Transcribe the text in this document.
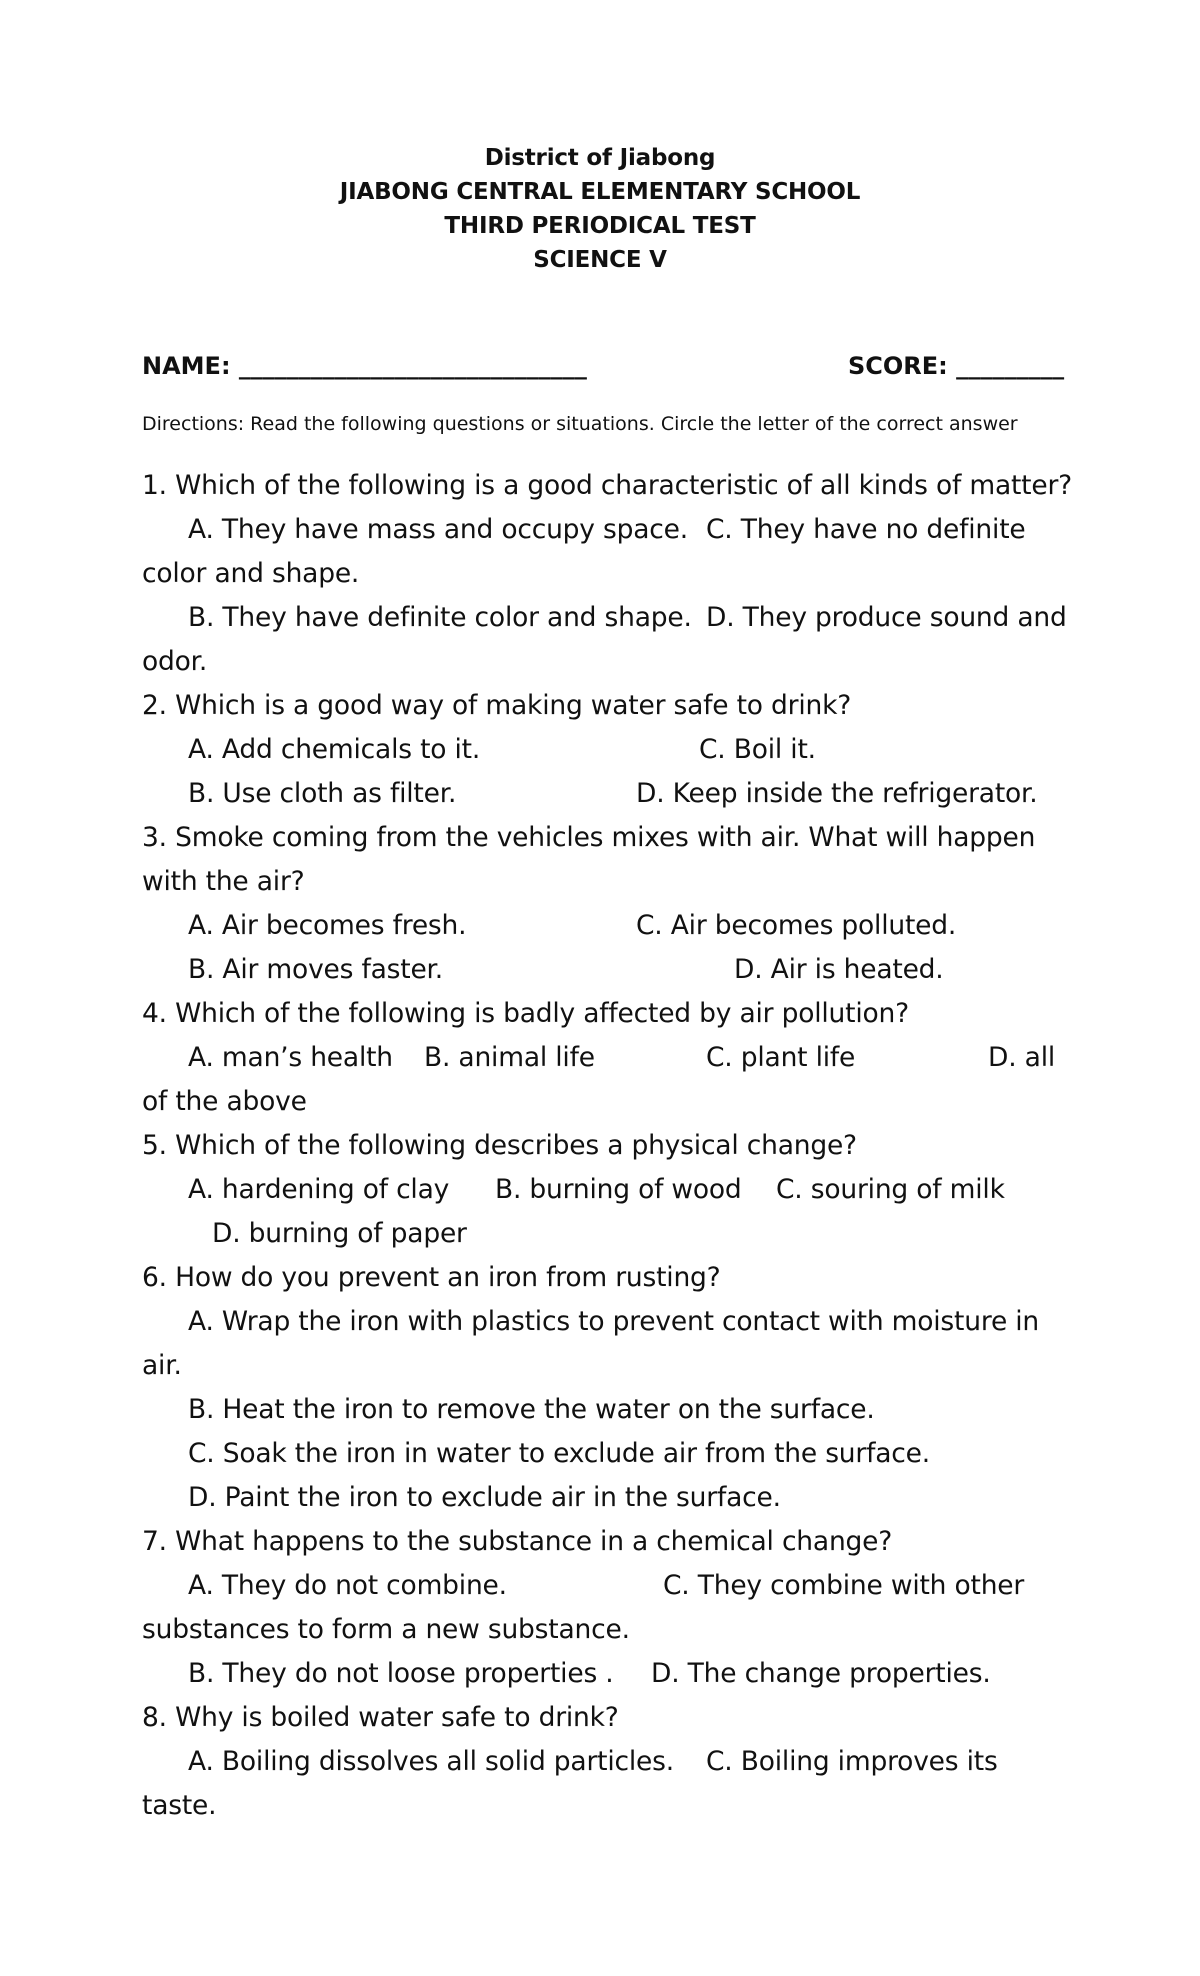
District of Jiabong
JIABONG CENTRAL ELEMENTARY SCHOOL
THIRD PERIODICAL TEST
SCIENCE V
NAME: _____________________________	SCORE: _________
Directions: Read the following questions or situations. Circle the letter of the correct answer
1. Which of the following is a good characteristic of all kinds of matter?
A. They have mass and occupy space. C. They have no definite
color and shape.
B. They have definite color and shape. D. They produce sound and
odor.
2. Which is a good way of making water safe to drink?
A. Add chemicals to it.	C. Boil it.
B. Use cloth as filter.	D. Keep inside the refrigerator.
3. Smoke coming from the vehicles mixes with air. What will happen
with the air?
A. Air becomes fresh.	C. Air becomes polluted.
B. Air moves faster.	D. Air is heated.
4. Which of the following is badly affected by air pollution?
A. man’s health B. animal life	C. plant life	D. all
of the above
5. Which of the following describes a physical change?
A. hardening of clay B. burning of wood C. souring of milk
D. burning of paper
6. How do you prevent an iron from rusting?
A. Wrap the iron with plastics to prevent contact with moisture in
air.
B. Heat the iron to remove the water on the surface.
C. Soak the iron in water to exclude air from the surface.
D. Paint the iron to exclude air in the surface.
7. What happens to the substance in a chemical change?
A. They do not combine.	C. They combine with other
substances to form a new substance.
B. They do not loose properties . D. The change properties.
8. Why is boiled water safe to drink?
A. Boiling dissolves all solid particles. C. Boiling improves its
taste.
